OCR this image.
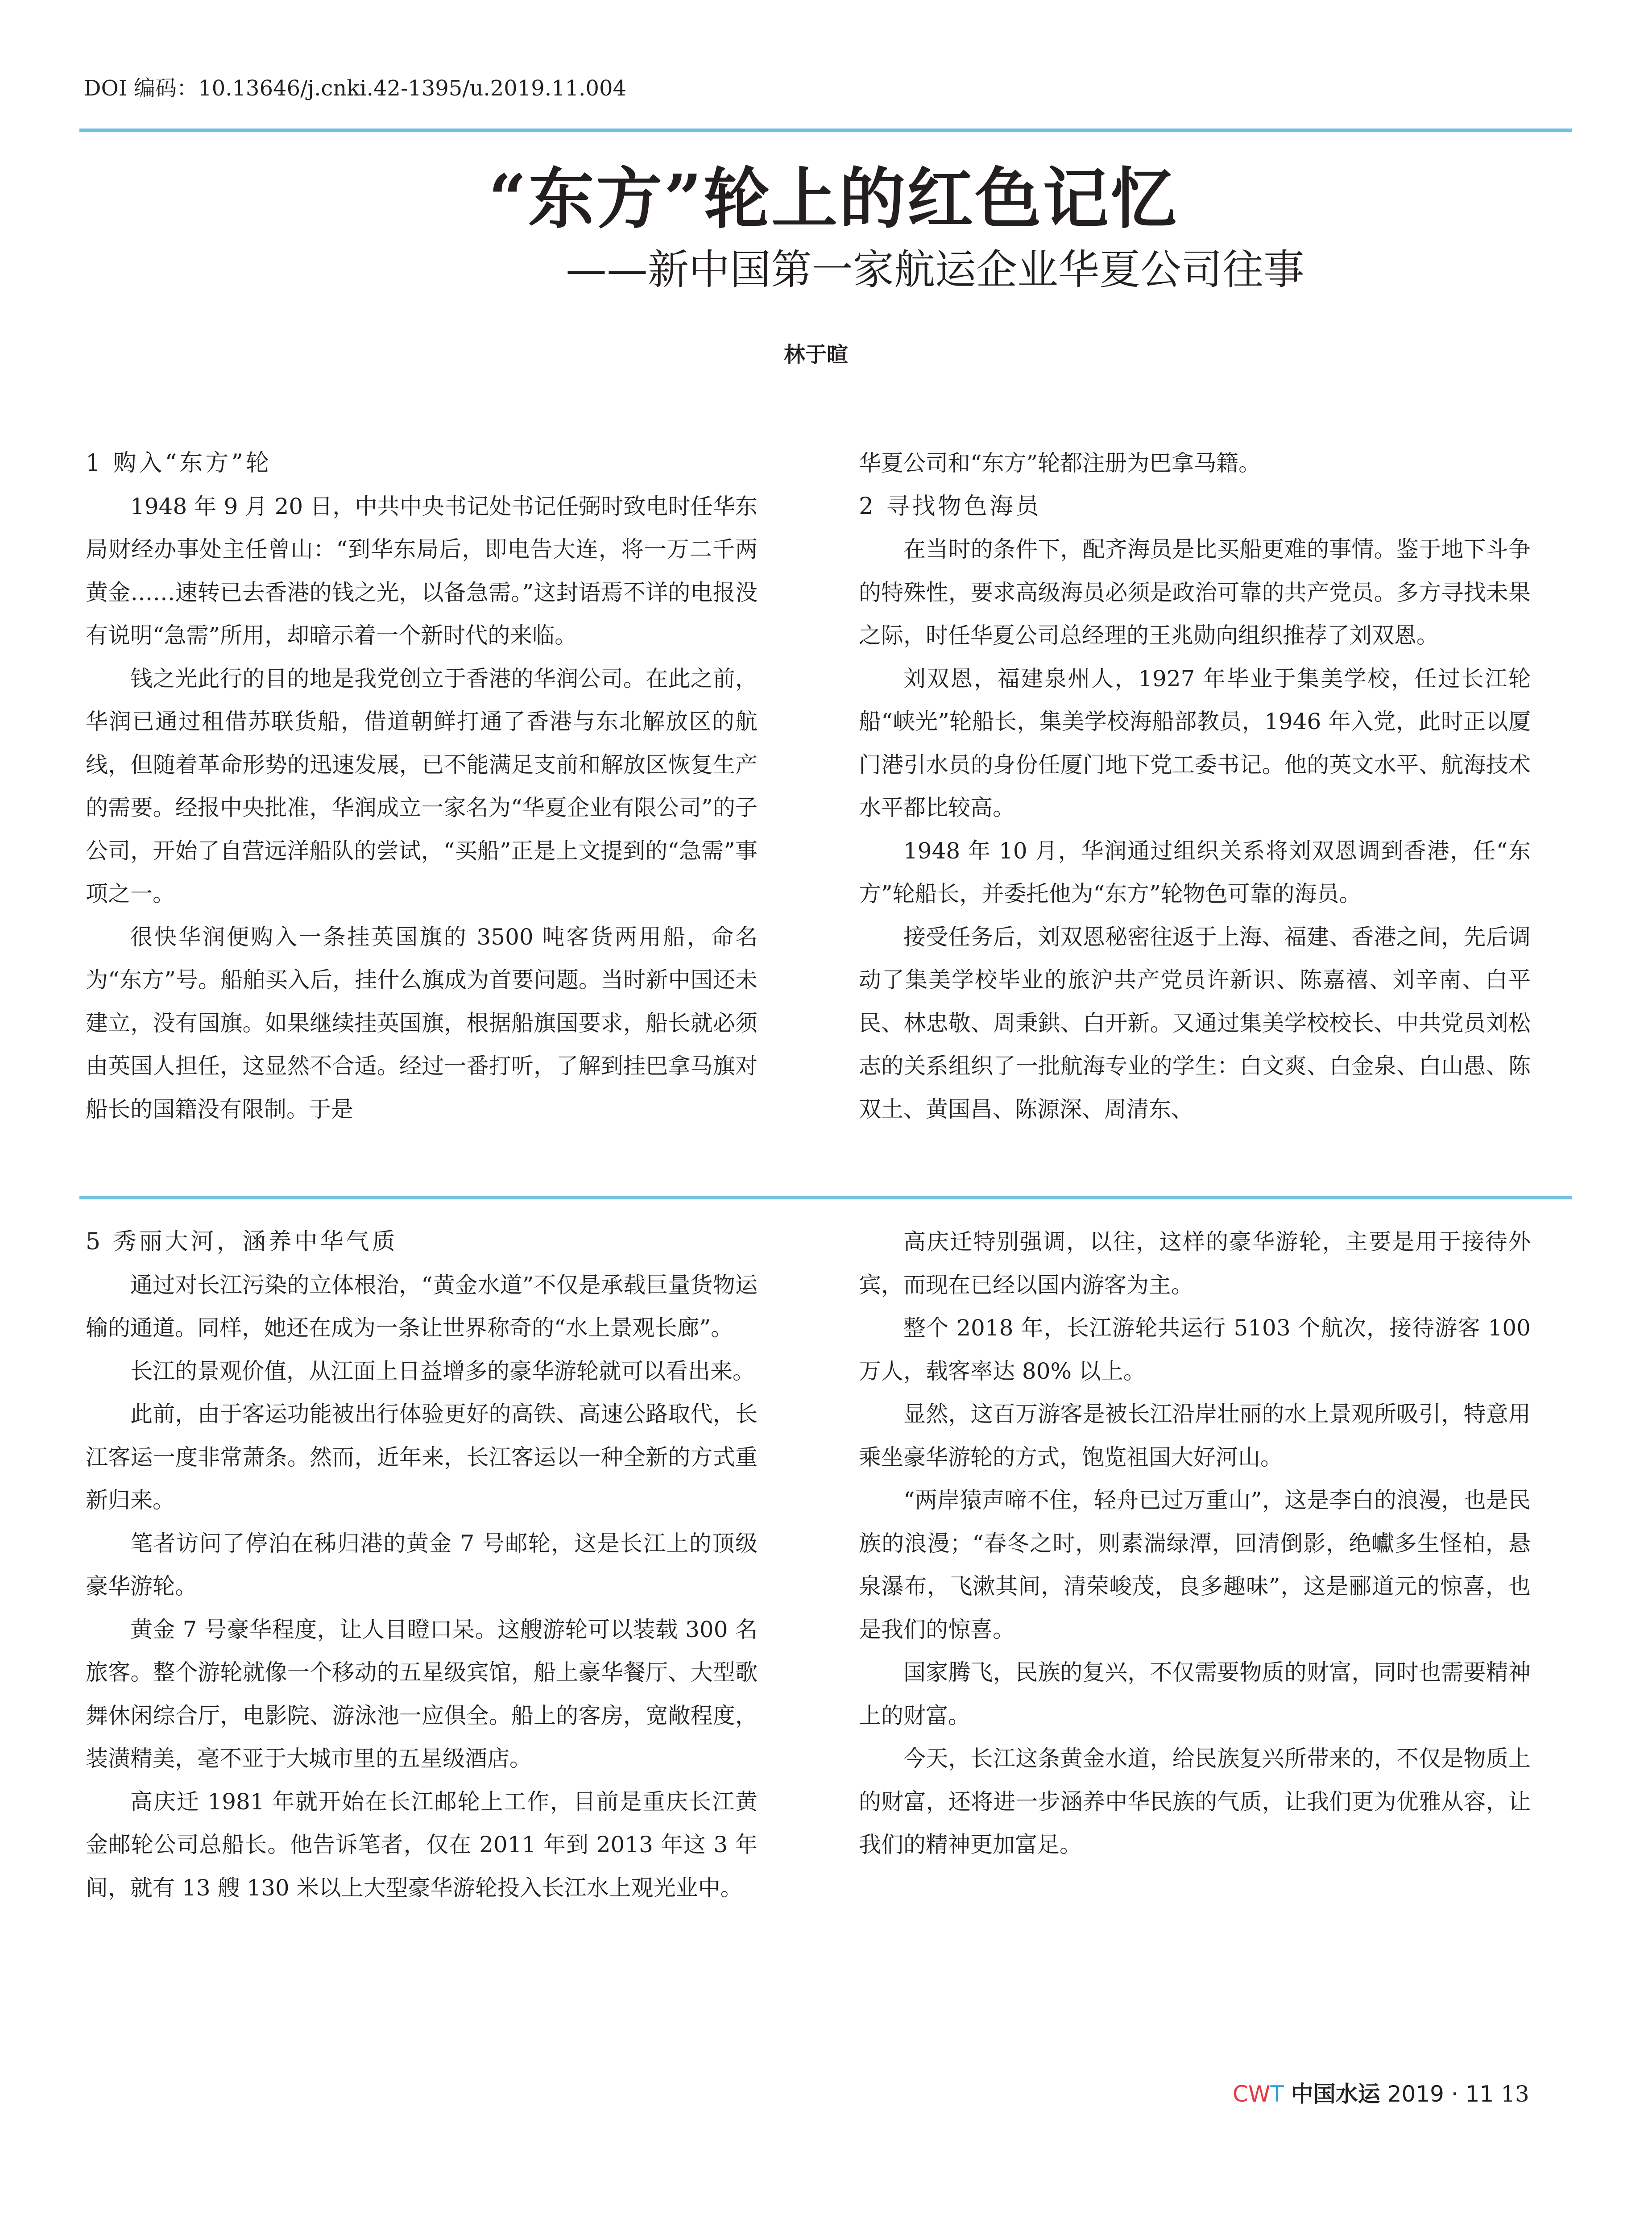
DOI 编码：10.13646/j.cnki.42-1395/u.2019.11.004
“东方”轮上的红色记忆
——新中国第一家航运企业华夏公司往事
林于暄
1 购入“东方”轮

1948 年 9 月 20 日，中共中央书记处书记任弼时致电时任华东局财经办事处主任曾山：“到华东局后，即电告大连，将一万二千两黄金……速转已去香港的钱之光，以备急需。”这封语焉不详的电报没有说明“急需”所用，却暗示着一个新时代的来临。

钱之光此行的目的地是我党创立于香港的华润公司。在此之前，华润已通过租借苏联货船，借道朝鲜打通了香港与东北解放区的航线，但随着革命形势的迅速发展，已不能满足支前和解放区恢复生产的需要。经报中央批准，华润成立一家名为“华夏企业有限公司”的子公司，开始了自营远洋船队的尝试，“买船”正是上文提到的“急需”事项之一。

很快华润便购入一条挂英国旗的 3500 吨客货两用船，命名为“东方”号。船舶买入后，挂什么旗成为首要问题。当时新中国还未建立，没有国旗。如果继续挂英国旗，根据船旗国要求，船长就必须由英国人担任，这显然不合适。经过一番打听，了解到挂巴拿马旗对船长的国籍没有限制。于是

华夏公司和“东方”轮都注册为巴拿马籍。

2 寻找物色海员

在当时的条件下，配齐海员是比买船更难的事情。鉴于地下斗争的特殊性，要求高级海员必须是政治可靠的共产党员。多方寻找未果之际，时任华夏公司总经理的王兆勋向组织推荐了刘双恩。

刘双恩，福建泉州人，1927 年毕业于集美学校，任过长江轮船“峡光”轮船长，集美学校海船部教员，1946 年入党，此时正以厦门港引水员的身份任厦门地下党工委书记。他的英文水平、航海技术水平都比较高。

1948 年 10 月，华润通过组织关系将刘双恩调到香港，任“东方”轮船长，并委托他为“东方”轮物色可靠的海员。

接受任务后，刘双恩秘密往返于上海、福建、香港之间，先后调动了集美学校毕业的旅沪共产党员许新识、陈嘉禧、刘辛南、白平民、林忠敬、周秉鉷、白开新。又通过集美学校校长、中共党员刘松志的关系组织了一批航海专业的学生：白文爽、白金泉、白山愚、陈双土、黄国昌、陈源深、周清东、

5 秀丽大河，涵养中华气质

通过对长江污染的立体根治，“黄金水道”不仅是承载巨量货物运输的通道。同样，她还在成为一条让世界称奇的“水上景观长廊”。

长江的景观价值，从江面上日益增多的豪华游轮就可以看出来。

此前，由于客运功能被出行体验更好的高铁、高速公路取代，长江客运一度非常萧条。然而，近年来，长江客运以一种全新的方式重新归来。

笔者访问了停泊在秭归港的黄金 7 号邮轮，这是长江上的顶级豪华游轮。

黄金 7 号豪华程度，让人目瞪口呆。这艘游轮可以装载 300 名旅客。整个游轮就像一个移动的五星级宾馆，船上豪华餐厅、大型歌舞休闲综合厅，电影院、游泳池一应俱全。船上的客房，宽敞程度，装潢精美，毫不亚于大城市里的五星级酒店。

高庆迁 1981 年就开始在长江邮轮上工作，目前是重庆长江黄金邮轮公司总船长。他告诉笔者，仅在 2011 年到 2013 年这 3 年间，就有 13 艘 130 米以上大型豪华游轮投入长江水上观光业中。

高庆迁特别强调，以往，这样的豪华游轮，主要是用于接待外宾，而现在已经以国内游客为主。

整个 2018 年，长江游轮共运行 5103 个航次，接待游客 100 万人，载客率达 80% 以上。

显然，这百万游客是被长江沿岸壮丽的水上景观所吸引，特意用乘坐豪华游轮的方式，饱览祖国大好河山。

“两岸猿声啼不住，轻舟已过万重山”，这是李白的浪漫，也是民族的浪漫；“春冬之时，则素湍绿潭，回清倒影，绝巘多生怪柏，悬泉瀑布，飞漱其间，清荣峻茂，良多趣味”，这是郦道元的惊喜，也是我们的惊喜。

国家腾飞，民族的复兴，不仅需要物质的财富，同时也需要精神上的财富。

今天，长江这条黄金水道，给民族复兴所带来的，不仅是物质上的财富，还将进一步涵养中华民族的气质，让我们更为优雅从容，让我们的精神更加富足。

CWT 中国水运 2019 · 11 13
